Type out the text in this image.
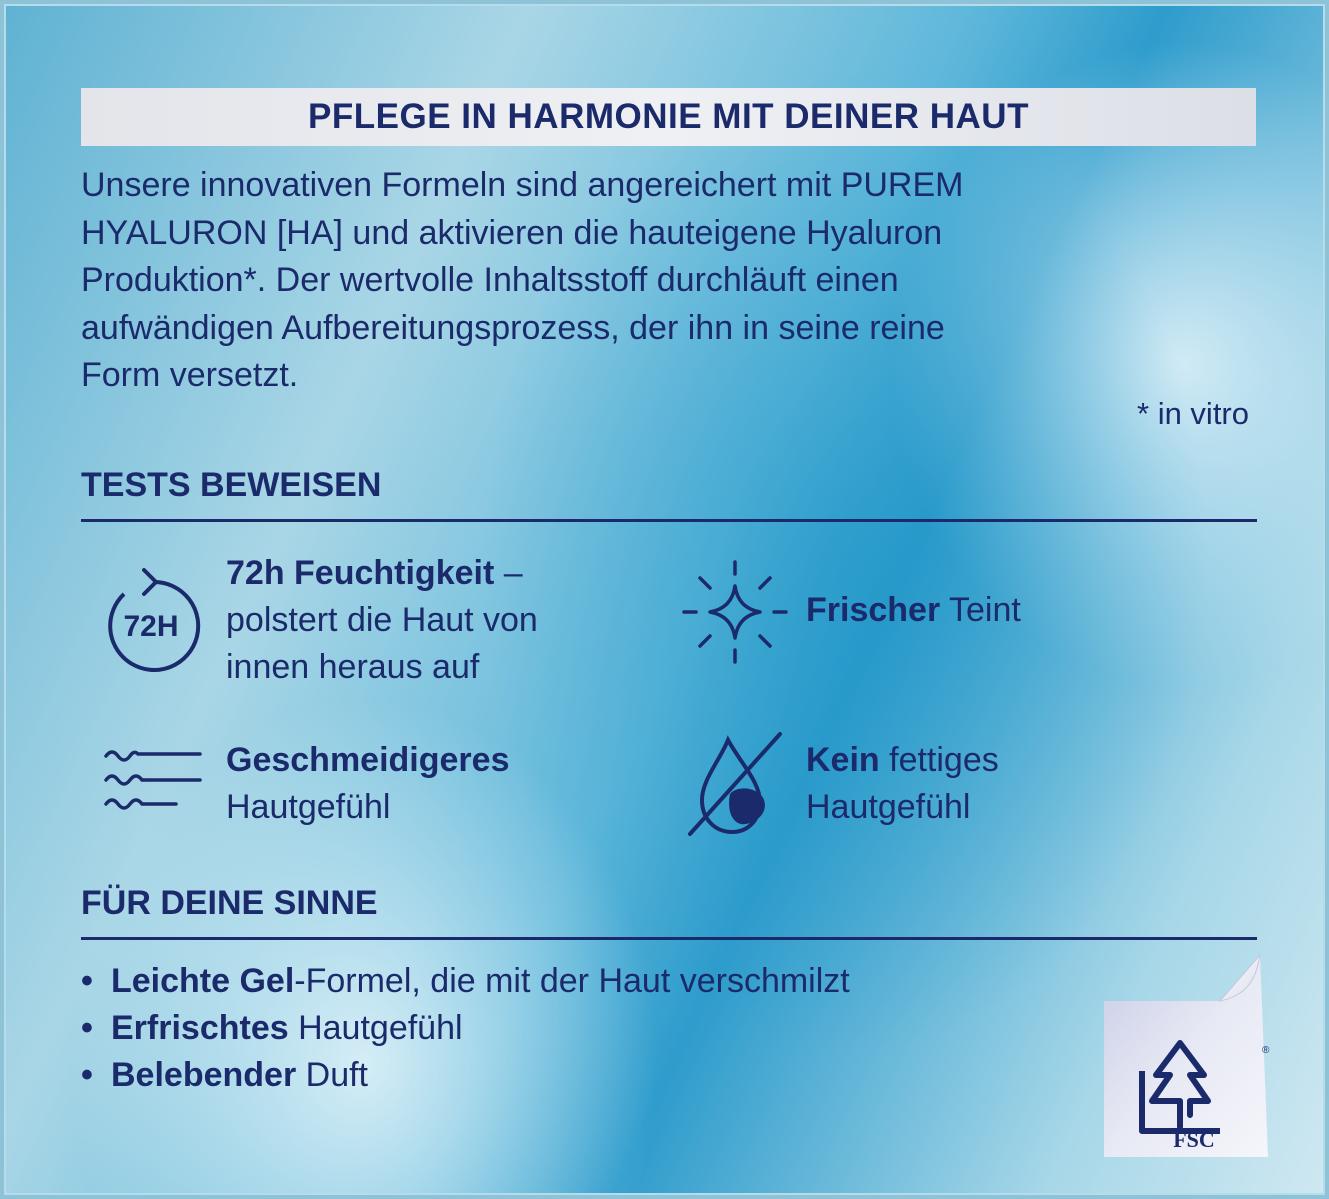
PFLEGE IN HARMONIE MIT DEINER HAUT

Unsere innovativen Formeln sind angereichert mit PUREM

HYALURON [HA] und aktivieren die hauteigene Hyaluron

Produktion*. Der wertvolle Inhaltsstoff durchläuft einen

aufwändigen Aufbereitungsprozess, der ihn in seine reine

Form versetzt.

* in vitro
TESTS BEWEISEN
72H
72h Feuchtigkeit –
polstert die Haut von
innen heraus auf
Frischer Teint
Geschmeidigeres
Hautgefühl
Kein fettiges
Hautgefühl
FÜR DEINE SINNE
• Leichte Gel-Formel, die mit der Haut verschmilzt
• Erfrischtes Hautgefühl
• Belebender Duft
®
FSC
